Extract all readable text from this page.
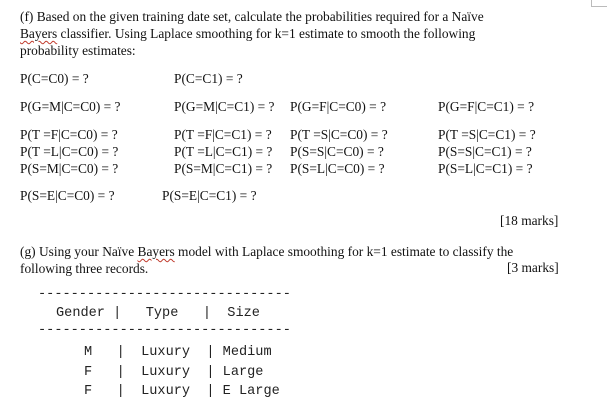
(f) Based on the given training date set, calculate the probabilities required for a Naïve
Bayers classifier. Using Laplace smoothing for k=1 estimate to smooth the following
probability estimates:
P(C=C0) = ?	P(C=C1) = ?
P(G=M|C=C0) = ?	P(G=M|C=C1) = ? P(G=F|C=C0) = ?	P(G=F|C=C1) = ?
P(T =F|C=C0) = ?	P(T =F|C=C1) = ? P(T =S|C=C0) = ?	P(T =S|C=C1) = ?
P(T =L|C=C0) = ?	P(T =L|C=C1) = ? P(S=S|C=C0) = ?	P(S=S|C=C1) = ?
P(S=M|C=C0) = ?	P(S=M|C=C1) = ? P(S=L|C=C0) = ?	P(S=L|C=C1) = ?
P(S=E|C=C0) = ?	P(S=E|C=C1) = ?
[18 marks]
(g) Using your Naïve Bayers model with Laplace smoothing for k=1 estimate to classify the
following three records.	[3 marks]
-------------------------------
Gender |   Type   |  Size
-------------------------------
M   |  Luxury  | Medium
F   |  Luxury  | Large
F   |  Luxury  | E Large
